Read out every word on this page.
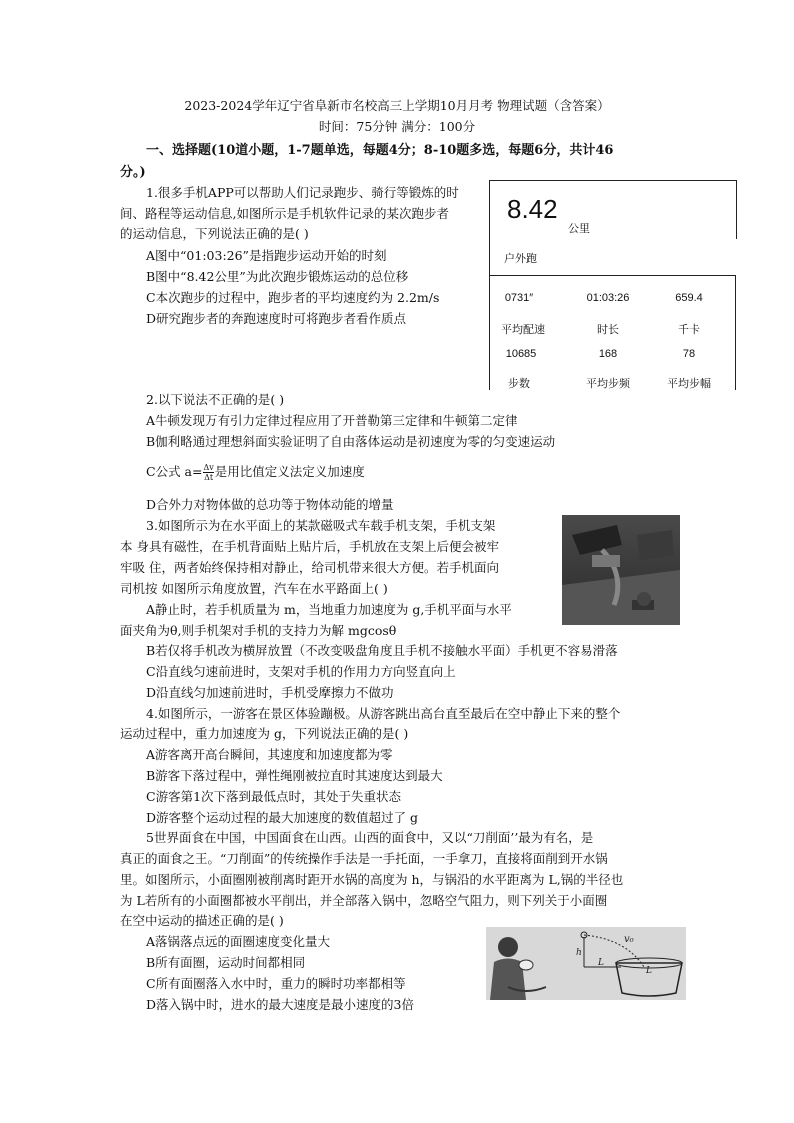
2023-2024学年辽宁省阜新市名校高三上学期10月月考 物理试题（含答案）
时间：75分钟 满分：100分
一、选择题(10道小题，1-7题单选，每题4分；8-10题多选，每题6分，共计46
分。)
1.很多手机APP可以帮助人们记录跑步、骑行等锻炼的时
间、路程等运动信息,如图所示是手机软件记录的某次跑步者
的运动信息，下列说法正确的是( )
A图中“01:03:26”是指跑步运动开始的时刻
B图中“8.42公里”为此次跑步锻炼运动的总位移
C本次跑步的过程中，跑步者的平均速度约为 2.2m/s
D研究跑步者的奔跑速度时可将跑步者看作质点
8.42
公里
户外跑
0731″	01:03:26	659.4
平均配速	时长	千卡
10685	168	78
步数	平均步频	平均步幅
2.以下说法不正确的是( )
A牛顿发现万有引力定律过程应用了开普勒第三定律和牛顿第二定律
B伽利略通过理想斜面实验证明了自由落体运动是初速度为零的匀变速运动
C公式 $a= \frac{\Delta v}{\Delta t}$ 是用比值定义法定义加速度
D合外力对物体做的总功等于物体动能的增量
3.如图所示为在水平面上的某款磁吸式车载手机支架，手机支架
本 身具有磁性，在手机背面贴上贴片后，手机放在支架上后便会被牢
牢吸 住，两者始终保持相对静止，给司机带来很大方便。若手机面向
司机按 如图所示角度放置，汽车在水平路面上( )
A静止时，若手机质量为 m，当地重力加速度为 g,手机平面与水平
面夹角为θ,则手机架对手机的支持力为解 mgcosθ
B若仅将手机改为横屏放置（不改变吸盘角度且手机不接触水平面）手机更不容易滑落
C沿直线匀速前进时，支架对手机的作用力方向竖直向上
D沿直线匀加速前进时，手机受摩擦力不做功
4.如图所示，一游客在景区体验蹦极。从游客跳出高台直至最后在空中静止下来的整个
运动过程中，重力加速度为 g，下列说法正确的是( )
A游客离开高台瞬间，其速度和加速度都为零
B游客下落过程中，弹性绳刚被拉直时其速度达到最大
C游客第1次下落到最低点时，其处于失重状态
D游客整个运动过程的最大加速度的数值超过了 g
5世界面食在中国，中国面食在山西。山西的面食中，又以“刀削面’’最为有名，是
真正的面食之王。“刀削面”的传统操作手法是一手托面，一手拿刀，直接将面削到开水锅
里。如图所示，小面圈刚被削离时距开水锅的高度为 h，与锅沿的水平距离为 L,锅的半径也
为 L若所有的小面圈都被水平削出，并全部落入锅中，忽略空气阻力，则下列关于小面圈
在空中运动的描述正确的是( )
A落锅落点远的面圈速度变化量大
B所有面圈，运动时间都相同
C所有面圈落入水中时，重力的瞬时功率都相等
D落入锅中时，进水的最大速度是最小速度的3倍
v₀
L
L
h
